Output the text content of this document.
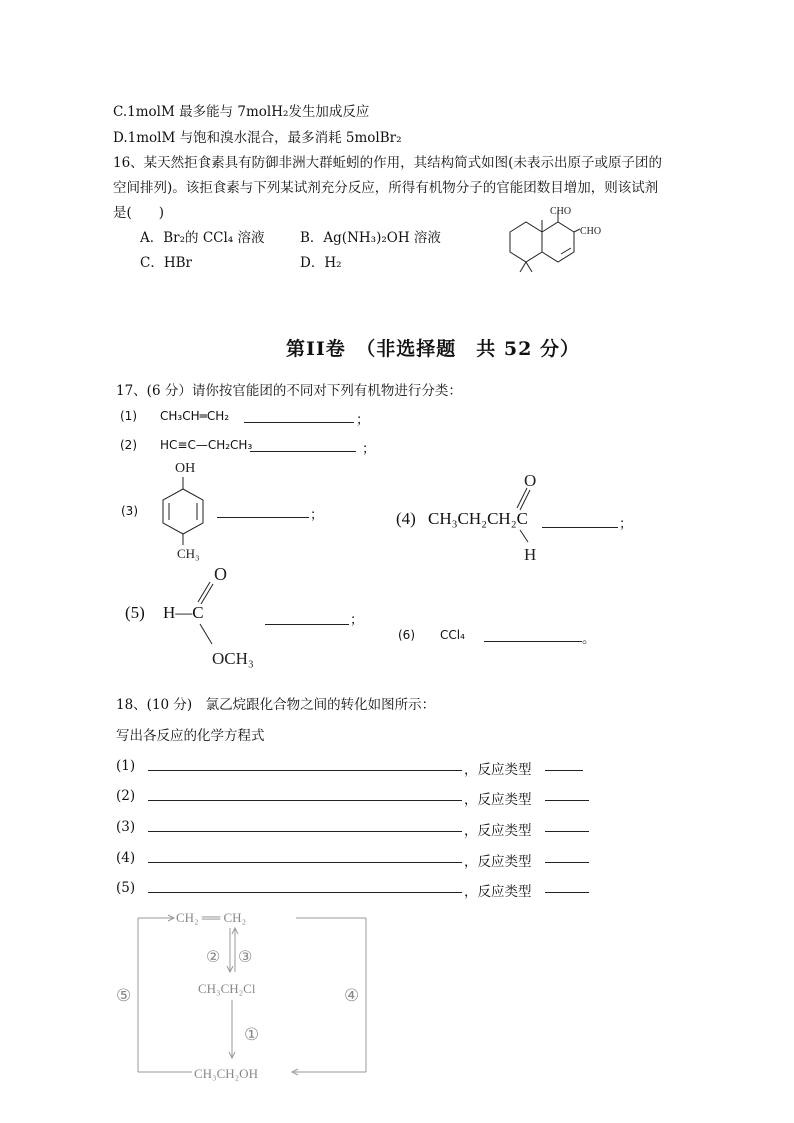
C.1molM 最多能与 7molH₂发生加成反应
D.1molM 与饱和溴水混合，最多消耗 5molBr₂
16、某天然拒食素具有防御非洲大群蚯蚓的作用，其结构简式如图(未表示出原子或原子团的
空间排列)。该拒食素与下列某试剂充分反应，所得有机物分子的官能团数目增加，则该试剂
是(　　)
A．Br₂的 CCl₄ 溶液	B．Ag(NH₃)₂OH 溶液
C．HBr	D．H₂
CHO
CHO
第II卷　（非选择题　共 52 分）
17、(6 分）请你按官能团的不同对下列有机物进行分类：
(1) CH₃CH═CH₂	；
(2) HC≡C—CH₂CH₃	；
(3)
OH
CH₃
；	(4) CH₃CH₂CH₂C
O
H
；
(5) H—C
O
OCH₃
；
(6) CCl₄	。
18、(10 分)　氯乙烷跟化合物之间的转化如图所示：
写出各反应的化学方程式
(1)	，反应类型
(2)	，反应类型
(3)	，反应类型
(4)	，反应类型
(5)	，反应类型
CH₂ ══ CH₂
CH₃CH₂Cl
CH₃CH₂OH
② ③
①
⑤	④
